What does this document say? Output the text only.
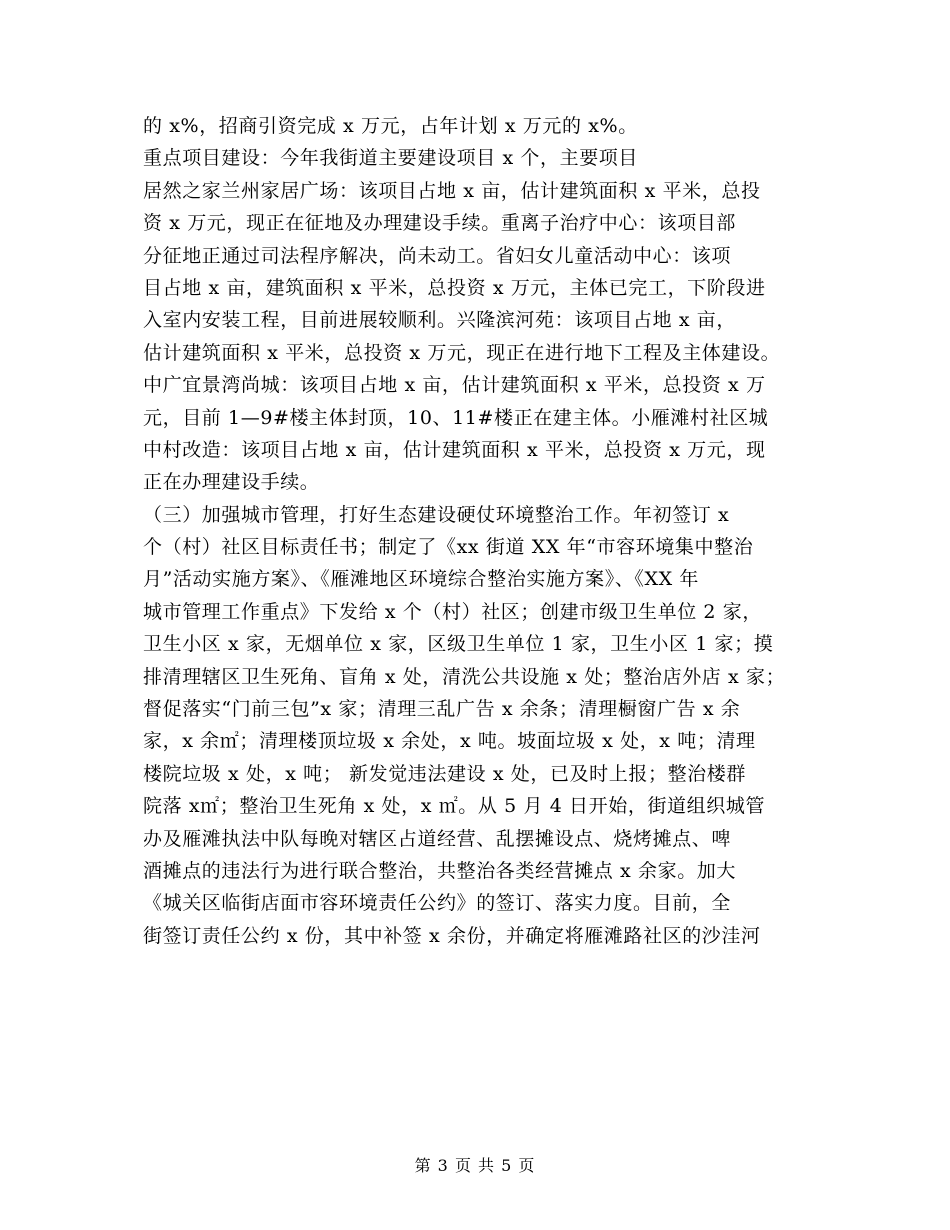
的 x%，招商引资完成 x 万元，占年计划 x 万元的 x%。
重点项目建设：今年我街道主要建设项目 x 个，主要项目
居然之家兰州家居广场：该项目占地 x 亩，估计建筑面积 x 平米，总投
资 x 万元，现正在征地及办理建设手续。重离子治疗中心：该项目部
分征地正通过司法程序解决，尚未动工。省妇女儿童活动中心：该项
目占地 x 亩，建筑面积 x 平米，总投资 x 万元，主体已完工，下阶段进
入室内安装工程，目前进展较顺利。兴隆滨河苑：该项目占地 x 亩，
估计建筑面积 x 平米，总投资 x 万元，现正在进行地下工程及主体建设。
中广宜景湾尚城：该项目占地 x 亩，估计建筑面积 x 平米，总投资 x 万
元，目前 1—9#楼主体封顶，10、11#楼正在建主体。小雁滩村社区城
中村改造：该项目占地 x 亩，估计建筑面积 x 平米，总投资 x 万元，现
正在办理建设手续。
（三）加强城市管理，打好生态建设硬仗环境整治工作。年初签订 x
个（村）社区目标责任书；制定了《xx 街道 XX 年“市容环境集中整治
月”活动实施方案》、《雁滩地区环境综合整治实施方案》、《XX 年
城市管理工作重点》下发给 x 个（村）社区；创建市级卫生单位 2 家，
卫生小区 x 家，无烟单位 x 家，区级卫生单位 1 家，卫生小区 1 家；摸
排清理辖区卫生死角、盲角 x 处，清洗公共设施 x 处；整治店外店 x 家；
督促落实“门前三包”x 家；清理三乱广告 x 余条；清理橱窗广告 x 余
家，x 余㎡；清理楼顶垃圾 x 余处，x 吨。坡面垃圾 x 处，x 吨；清理
楼院垃圾 x 处，x 吨； 新发觉违法建设 x 处，已及时上报；整治楼群
院落 x㎡；整治卫生死角 x 处，x ㎡。从 5 月 4 日开始，街道组织城管
办及雁滩执法中队每晚对辖区占道经营、乱摆摊设点、烧烤摊点、啤
酒摊点的违法行为进行联合整治，共整治各类经营摊点 x 余家。加大
《城关区临街店面市容环境责任公约》的签订、落实力度。目前，全
街签订责任公约 x 份，其中补签 x 余份，并确定将雁滩路社区的沙洼河
第 3 页 共 5 页
